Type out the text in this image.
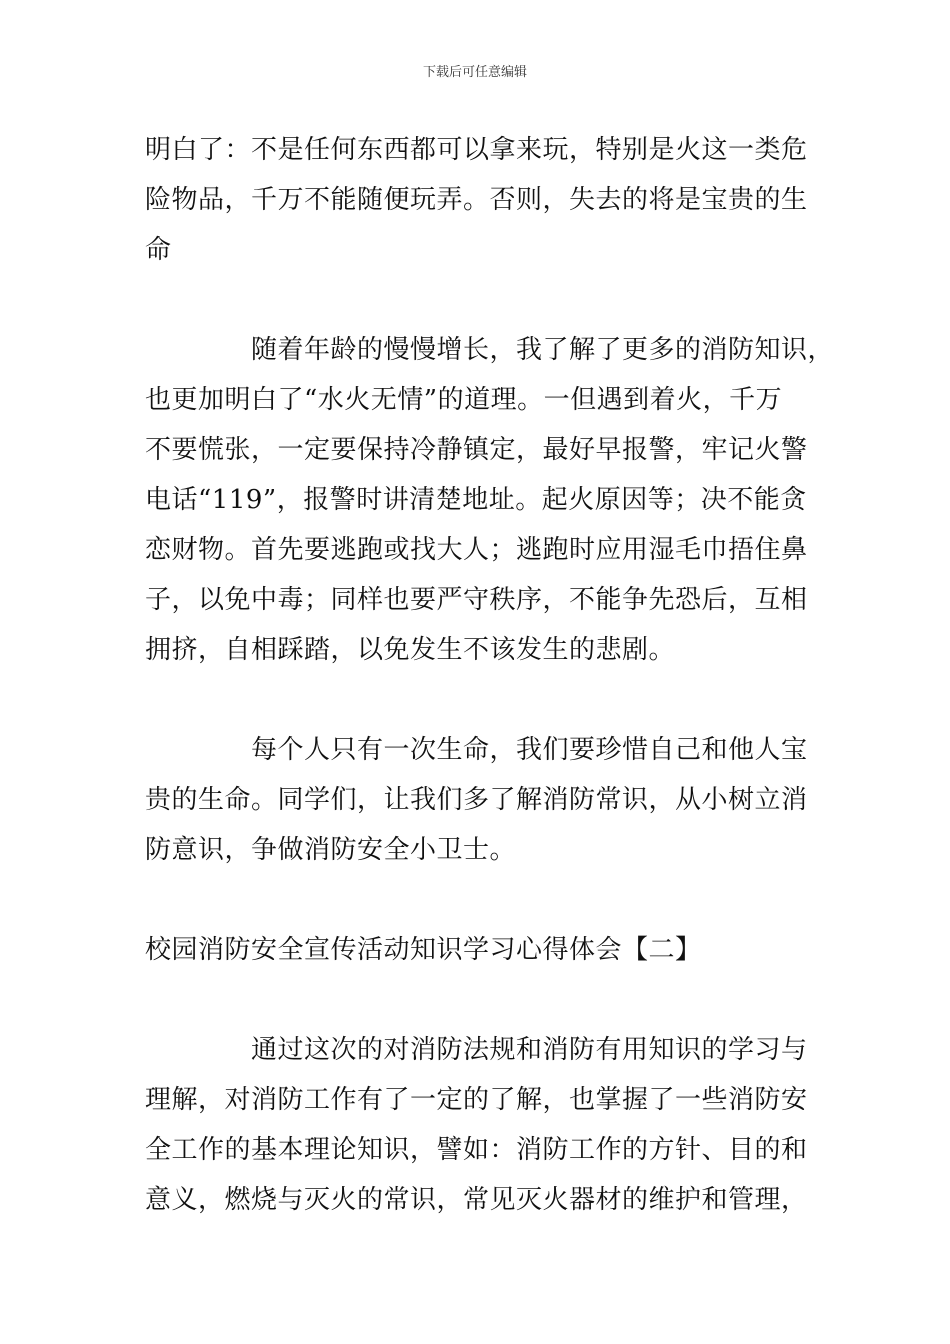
下载后可任意编辑
明白了：不是任何东西都可以拿来玩，特别是火这一类危
险物品，千万不能随便玩弄。否则，失去的将是宝贵的生
命
随着年龄的慢慢增长，我了解了更多的消防知识，
也更加明白了“水火无情”的道理。一但遇到着火，千万
不要慌张，一定要保持冷静镇定，最好早报警，牢记火警
电话“119”，报警时讲清楚地址。起火原因等；决不能贪
恋财物。首先要逃跑或找大人；逃跑时应用湿毛巾捂住鼻
子，以免中毒；同样也要严守秩序，不能争先恐后，互相
拥挤，自相踩踏，以免发生不该发生的悲剧。
每个人只有一次生命，我们要珍惜自己和他人宝
贵的生命。同学们，让我们多了解消防常识，从小树立消
防意识，争做消防安全小卫士。
校园消防安全宣传活动知识学习心得体会【二】
通过这次的对消防法规和消防有用知识的学习与
理解，对消防工作有了一定的了解，也掌握了一些消防安
全工作的基本理论知识，譬如：消防工作的方针、目的和
意义，燃烧与灭火的常识，常见灭火器材的维护和管理，
